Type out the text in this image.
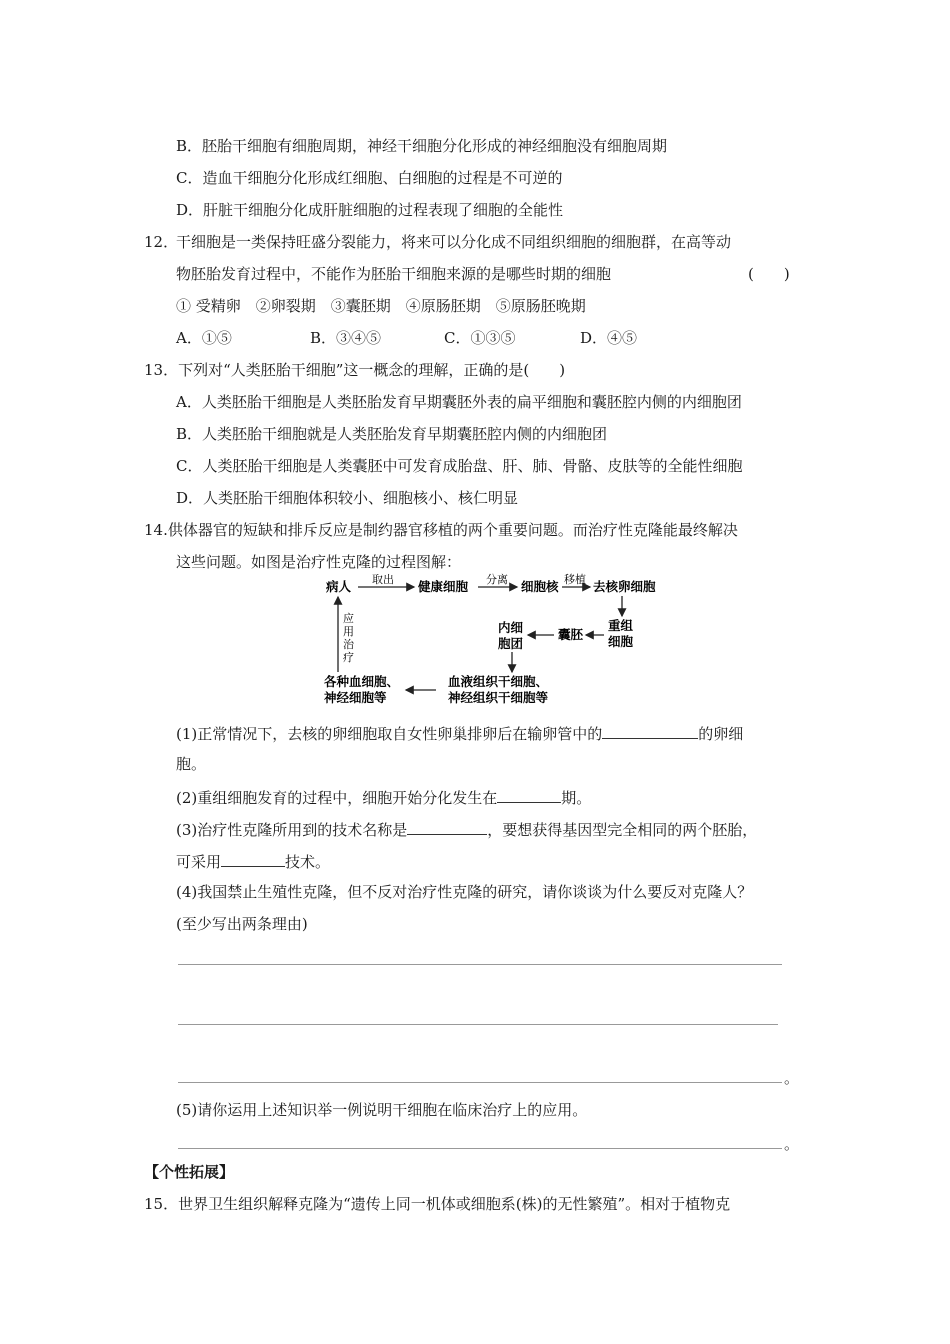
B．胚胎干细胞有细胞周期，神经干细胞分化形成的神经细胞没有细胞周期
C．造血干细胞分化形成红细胞、白细胞的过程是不可逆的
D．肝脏干细胞分化成肝脏细胞的过程表现了细胞的全能性
12．
干细胞是一类保持旺盛分裂能力，将来可以分化成不同组织细胞的细胞群，在高等动
物胚胎发育过程中，不能作为胚胎干细胞来源的是哪些时期的细胞	(　　)
① 受精卵　②卵裂期　③囊胚期　④原肠胚期　⑤原肠胚晚期
A．①⑤	B．③④⑤	C．①③⑤	D．④⑤
13．下列对“人类胚胎干细胞”这一概念的理解，正确的是(　　)
A．人类胚胎干细胞是人类胚胎发育早期囊胚外表的扁平细胞和囊胚腔内侧的内细胞团
B．人类胚胎干细胞就是人类胚胎发育早期囊胚腔内侧的内细胞团
C．人类胚胎干细胞是人类囊胚中可发育成胎盘、肝、肺、骨骼、皮肤等的全能性细胞
D．人类胚胎干细胞体积较小、细胞核小、核仁明显
14.供体器官的短缺和排斥反应是制约器官移植的两个重要问题。而治疗性克隆能最终解决
这些问题。如图是治疗性克隆的过程图解：
病人 取出 健康细胞 分离 细胞核 移植 去核卵细胞
重组
细胞
囊胚
内细
胞团
血液组织干细胞、
神经组织干细胞等
各种血细胞、
神经细胞等
应
用
治
疗
(1)正常情况下，去核的卵细胞取自女性卵巢排卵后在输卵管中的	的卵细
胞。
(2)重组细胞发育的过程中，细胞开始分化发生在	期。
(3)治疗性克隆所用到的技术名称是	，要想获得基因型完全相同的两个胚胎，
可采用	技术。
(4)我国禁止生殖性克隆，但不反对治疗性克隆的研究，请你谈谈为什么要反对克隆人？
(至少写出两条理由)
。
(5)请你运用上述知识举一例说明干细胞在临床治疗上的应用。
。
【个性拓展】
15．世界卫生组织解释克隆为“遗传上同一机体或细胞系(株)的无性繁殖”。相对于植物克
